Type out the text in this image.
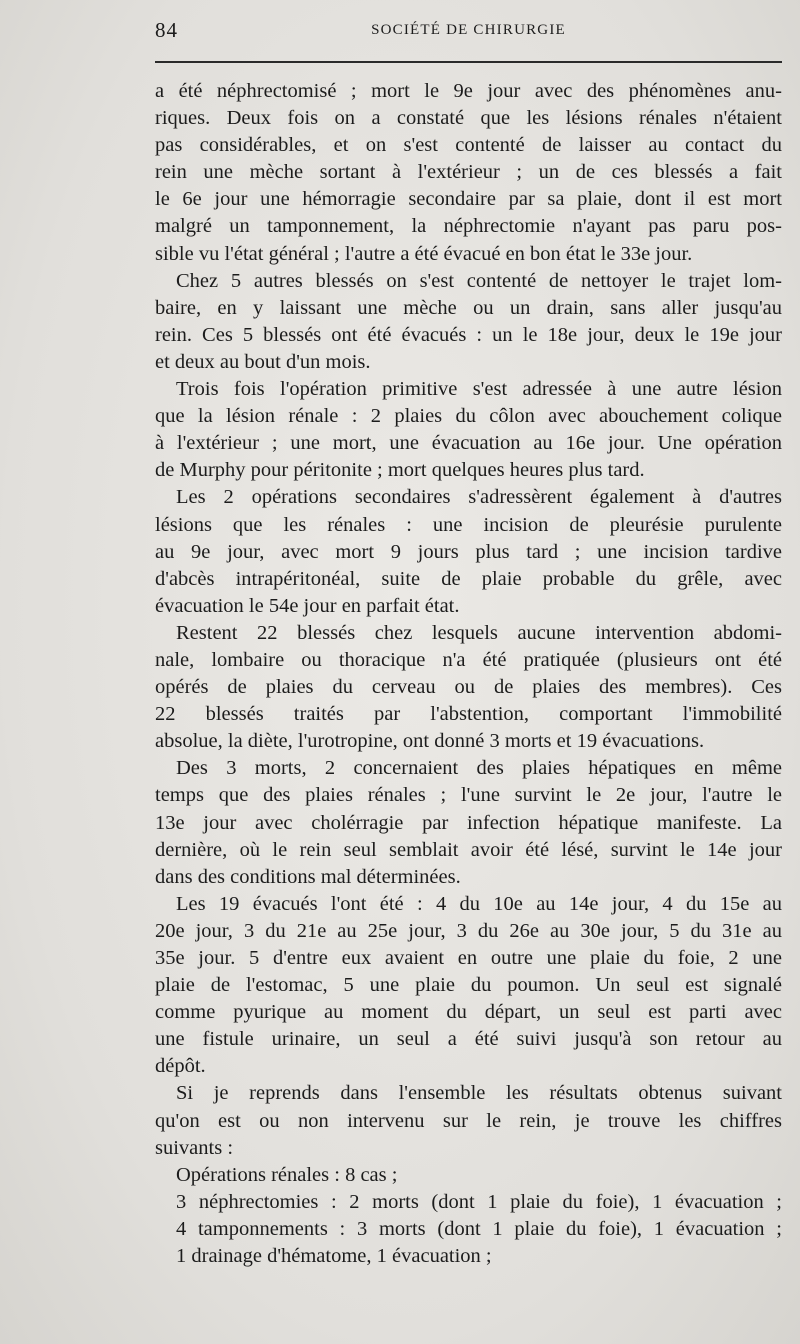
84	SOCIÉTÉ DE CHIRURGIE
a été néphrectomisé ; mort le 9e jour avec des phénomènes anu-
riques. Deux fois on a constaté que les lésions rénales n'étaient
pas considérables, et on s'est contenté de laisser au contact du
rein une mèche sortant à l'extérieur ; un de ces blessés a fait
le 6e jour une hémorragie secondaire par sa plaie, dont il est mort
malgré un tamponnement, la néphrectomie n'ayant pas paru pos-
sible vu l'état général ; l'autre a été évacué en bon état le 33e jour.
Chez 5 autres blessés on s'est contenté de nettoyer le trajet lom-
baire, en y laissant une mèche ou un drain, sans aller jusqu'au
rein. Ces 5 blessés ont été évacués : un le 18e jour, deux le 19e jour
et deux au bout d'un mois.
Trois fois l'opération primitive s'est adressée à une autre lésion
que la lésion rénale : 2 plaies du côlon avec abouchement colique
à l'extérieur ; une mort, une évacuation au 16e jour. Une opération
de Murphy pour péritonite ; mort quelques heures plus tard.
Les 2 opérations secondaires s'adressèrent également à d'autres
lésions que les rénales : une incision de pleurésie purulente
au 9e jour, avec mort 9 jours plus tard ; une incision tardive
d'abcès intrapéritonéal, suite de plaie probable du grêle, avec
évacuation le 54e jour en parfait état.
Restent 22 blessés chez lesquels aucune intervention abdomi-
nale, lombaire ou thoracique n'a été pratiquée (plusieurs ont été
opérés de plaies du cerveau ou de plaies des membres). Ces
22 blessés traités par l'abstention, comportant l'immobilité
absolue, la diète, l'urotropine, ont donné 3 morts et 19 évacuations.
Des 3 morts, 2 concernaient des plaies hépatiques en même
temps que des plaies rénales ; l'une survint le 2e jour, l'autre le
13e jour avec cholérragie par infection hépatique manifeste. La
dernière, où le rein seul semblait avoir été lésé, survint le 14e jour
dans des conditions mal déterminées.
Les 19 évacués l'ont été : 4 du 10e au 14e jour, 4 du 15e au
20e jour, 3 du 21e au 25e jour, 3 du 26e au 30e jour, 5 du 31e au
35e jour. 5 d'entre eux avaient en outre une plaie du foie, 2 une
plaie de l'estomac, 5 une plaie du poumon. Un seul est signalé
comme pyurique au moment du départ, un seul est parti avec
une fistule urinaire, un seul a été suivi jusqu'à son retour au
dépôt.
Si je reprends dans l'ensemble les résultats obtenus suivant
qu'on est ou non intervenu sur le rein, je trouve les chiffres
suivants :
Opérations rénales : 8 cas ;
3 néphrectomies : 2 morts (dont 1 plaie du foie), 1 évacuation ;
4 tamponnements : 3 morts (dont 1 plaie du foie), 1 évacuation ;
1 drainage d'hématome, 1 évacuation ;
